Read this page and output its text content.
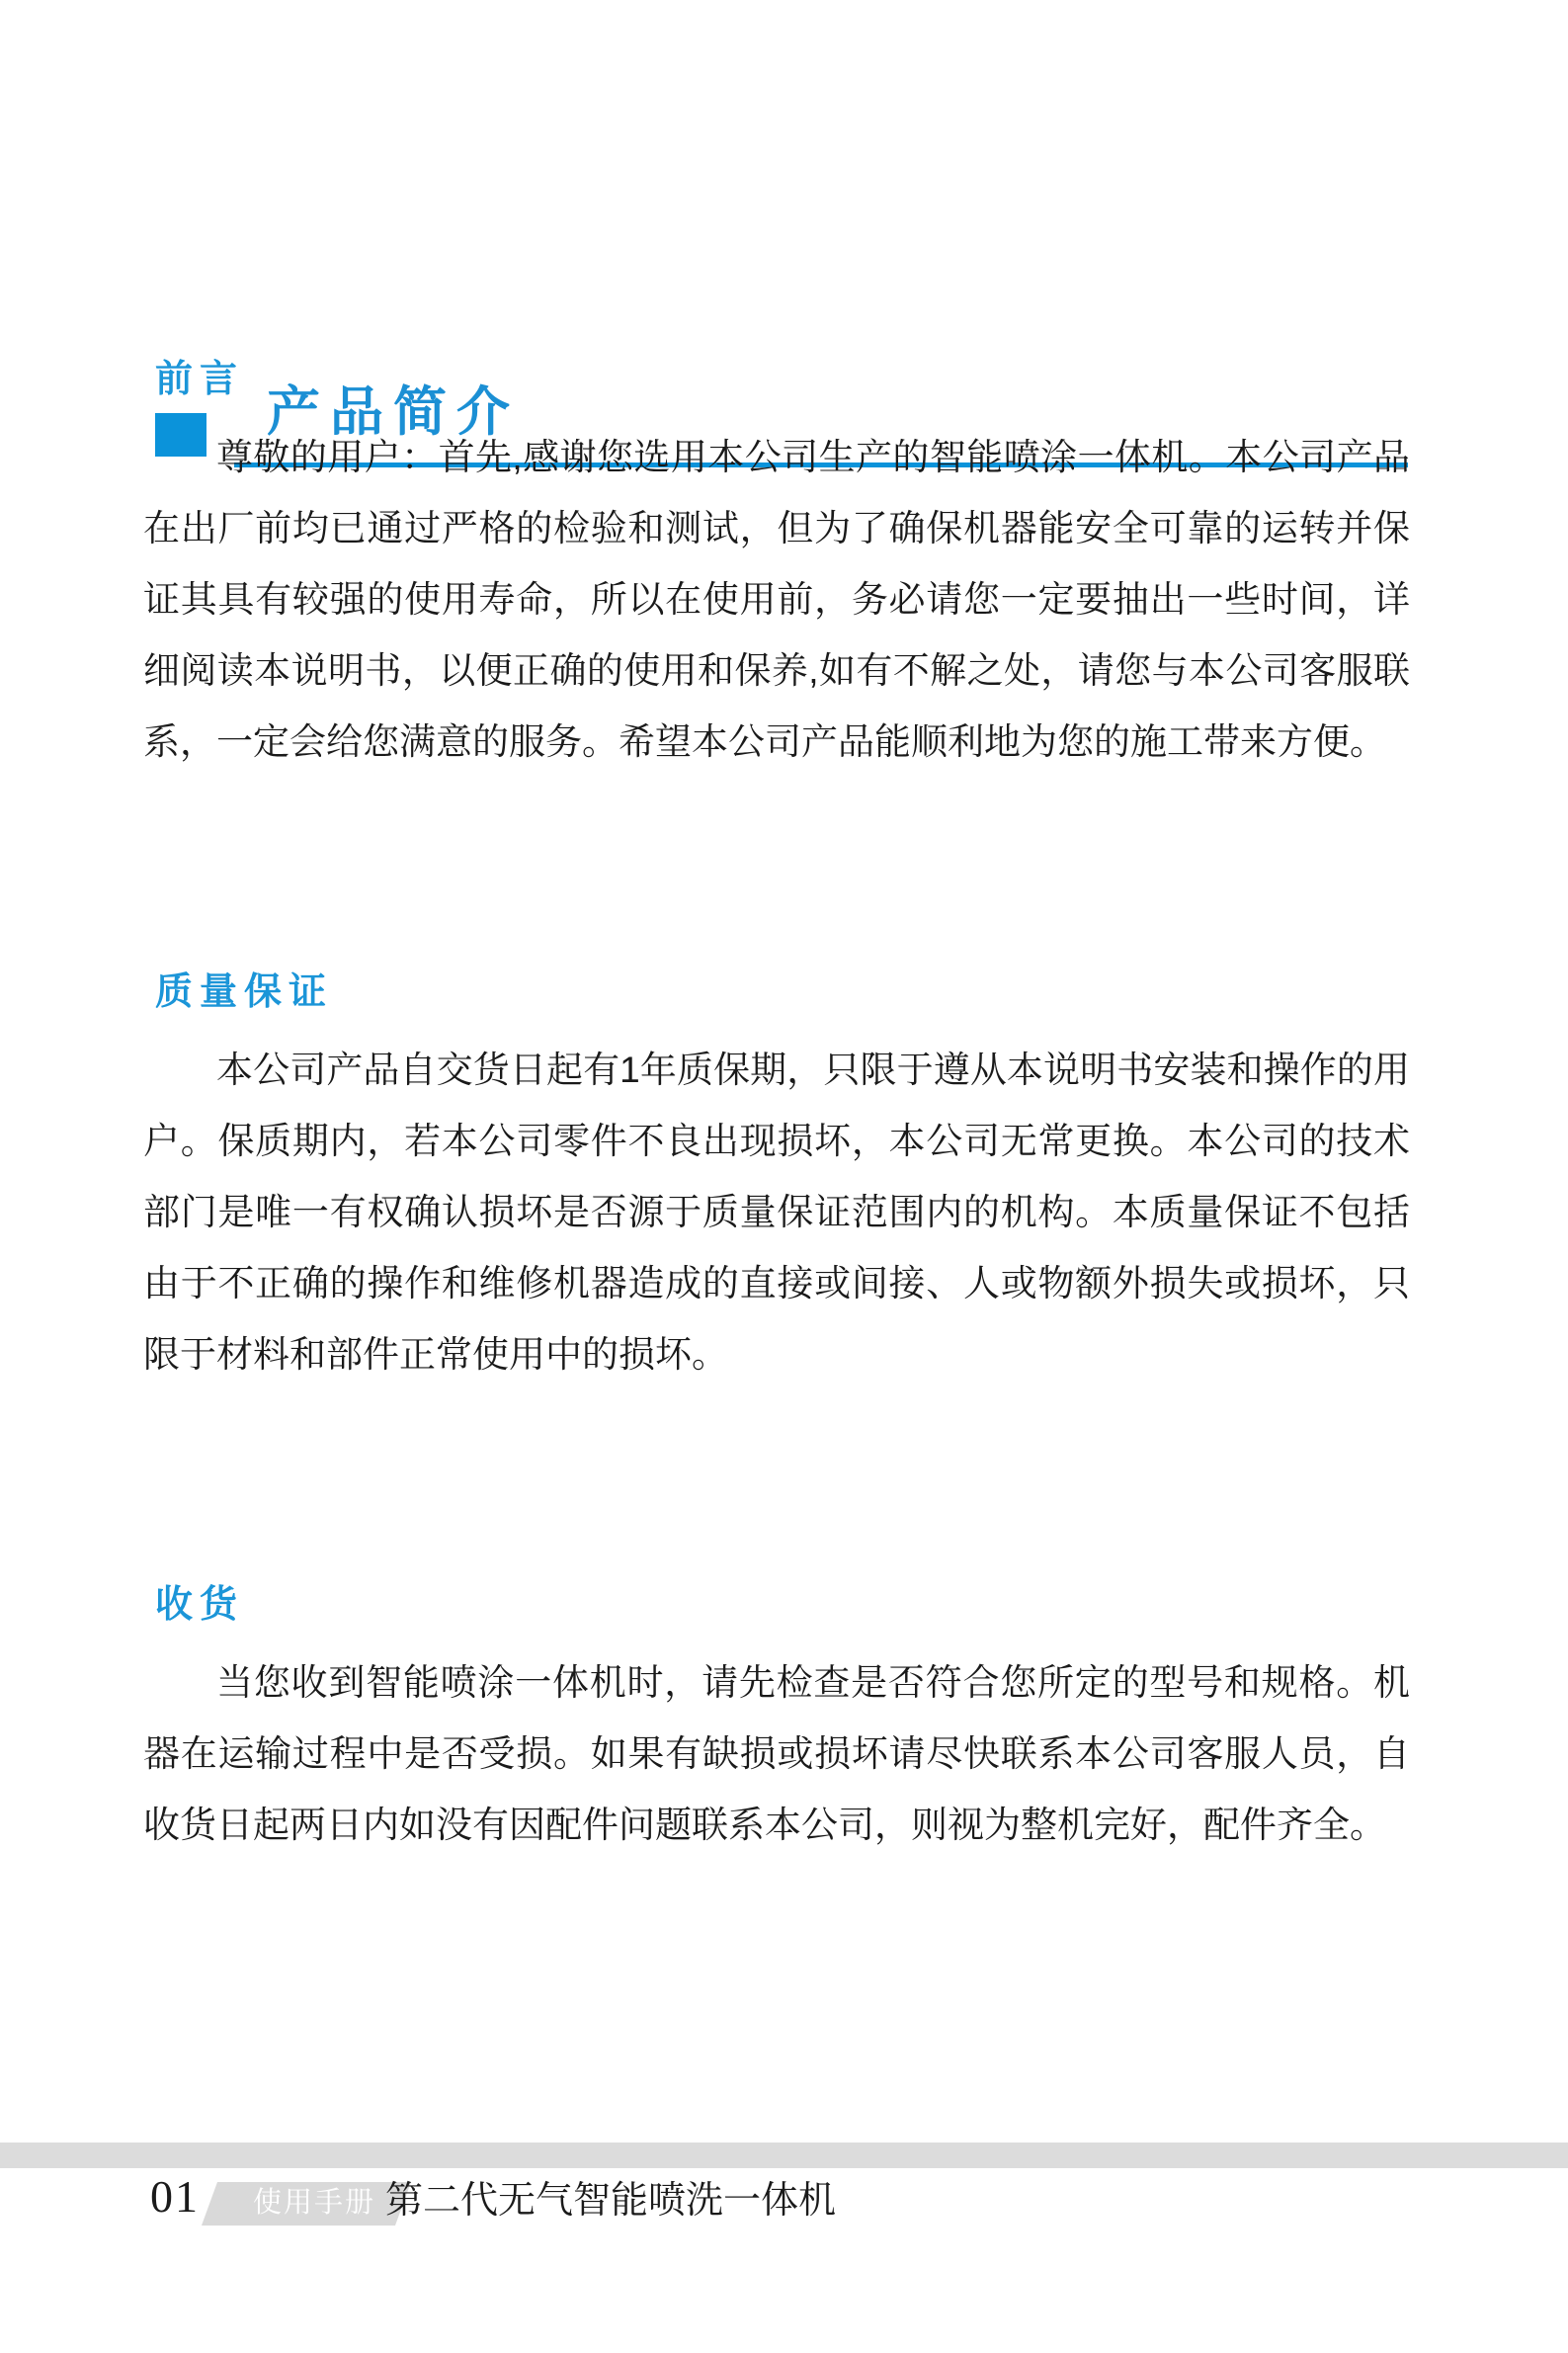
产品简介
前言
尊敬的用户：首先,感谢您选用本公司生产的智能喷涂一体机。本公司产品在出厂前均已通过严格的检验和测试，但为了确保机器能安全可靠的运转并保证其具有较强的使用寿命，所以在使用前，务必请您一定要抽出一些时间，详细阅读本说明书，以便正确的使用和保养,如有不解之处，请您与本公司客服联系，一定会给您满意的服务。希望本公司产品能顺利地为您的施工带来方便。
质量保证
本公司产品自交货日起有1年质保期，只限于遵从本说明书安装和操作的用户。保质期内，若本公司零件不良出现损坏，本公司无常更换。本公司的技术部门是唯一有权确认损坏是否源于质量保证范围内的机构。本质量保证不包括由于不正确的操作和维修机器造成的直接或间接、人或物额外损失或损坏，只限于材料和部件正常使用中的损坏。
收货
当您收到智能喷涂一体机时，请先检查是否符合您所定的型号和规格。机器在运输过程中是否受损。如果有缺损或损坏请尽快联系本公司客服人员，自收货日起两日内如没有因配件问题联系本公司，则视为整机完好，配件齐全。
01	使用手册 第二代无气智能喷洗一体机
